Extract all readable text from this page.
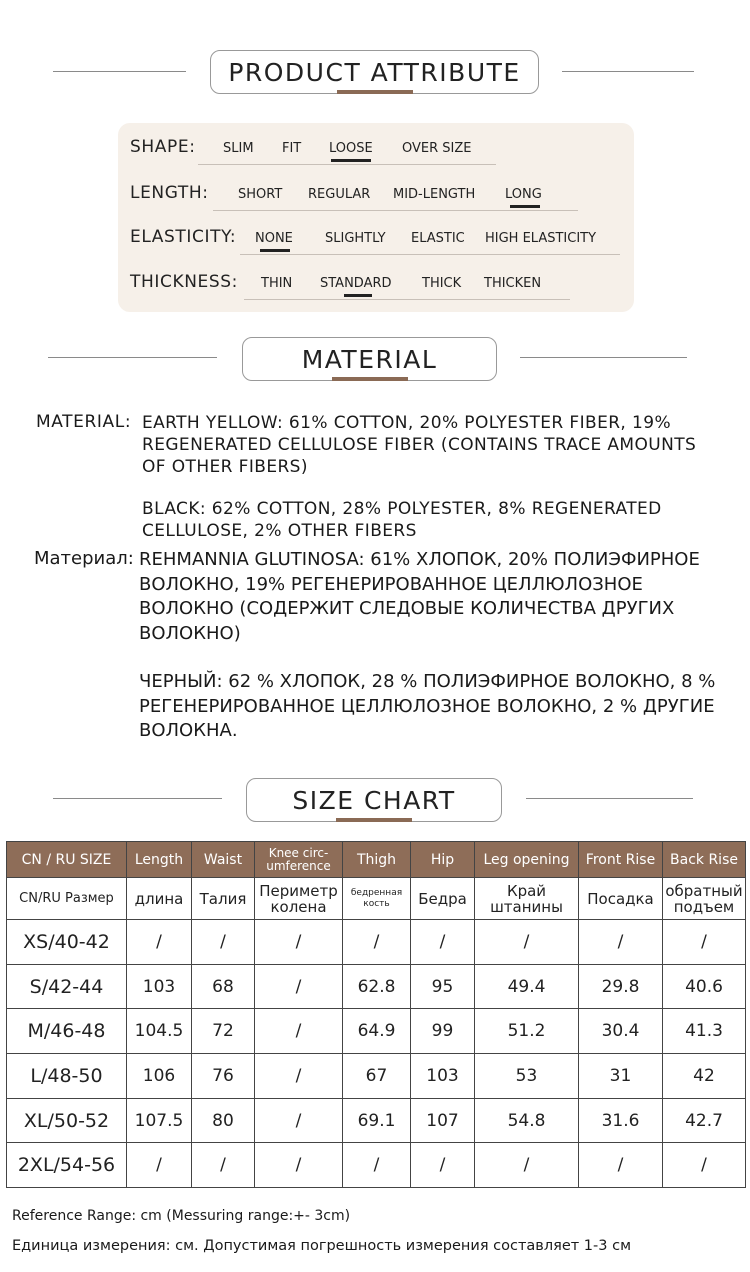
PRODUCT ATTRIBUTE
SHAPE: SLIM FIT LOOSE OVER SIZE
LENGTH: SHORT REGULAR MID-LENGTH LONG
ELASTICITY: NONE SLIGHTLY ELASTIC HIGH ELASTICITY
THICKNESS: THIN STANDARD THICK THICKEN
MATERIAL
MATERIAL: EARTH YELLOW: 61% COTTON, 20% POLYESTER FIBER, 19% REGENERATED CELLULOSE FIBER (CONTAINS TRACE AMOUNTS OF OTHER FIBERS)

BLACK: 62% COTTON, 28% POLYESTER, 8% REGENERATED CELLULOSE, 2% OTHER FIBERS

Материал: REHMANNIA GLUTINOSA: 61% ХЛОПОК, 20% ПОЛИЭФИРНОЕ ВОЛОКНО, 19% РЕГЕНЕРИРОВАННОЕ ЦЕЛЛЮЛОЗНОЕ ВОЛОКНО (СОДЕРЖИТ СЛЕДОВЫЕ КОЛИЧЕСТВА ДРУГИХ ВОЛОКНО)

ЧЕРНЫЙ: 62 % ХЛОПОК, 28 % ПОЛИЭФИРНОЕ ВОЛОКНО, 8 % РЕГЕНЕРИРОВАННОЕ ЦЕЛЛЮЛОЗНОЕ ВОЛОКНО, 2 % ДРУГИЕ ВОЛОКНА.

SIZE CHART
CN / RU SIZE	Length	Waist	Knee circ-umference	Thigh	Hip	Leg opening	Front Rise	Back Rise
CN/RU Размер	длина	Талия	Периметр колена	бедренная кость	Бедра	Край штанины	Посадка	обратный подъем
XS/40-42	/	/	/	/	/	/	/	/
S/42-44	103	68	/	62.8	95	49.4	29.8	40.6
M/46-48	104.5	72	/	64.9	99	51.2	30.4	41.3
L/48-50	106	76	/	67	103	53	31	42
XL/50-52	107.5	80	/	69.1	107	54.8	31.6	42.7
2XL/54-56	/	/	/	/	/	/	/	/
Reference Range: cm (Messuring range:+- 3cm)
Единица измерения: см. Допустимая погрешность измерения составляет 1-3 см
